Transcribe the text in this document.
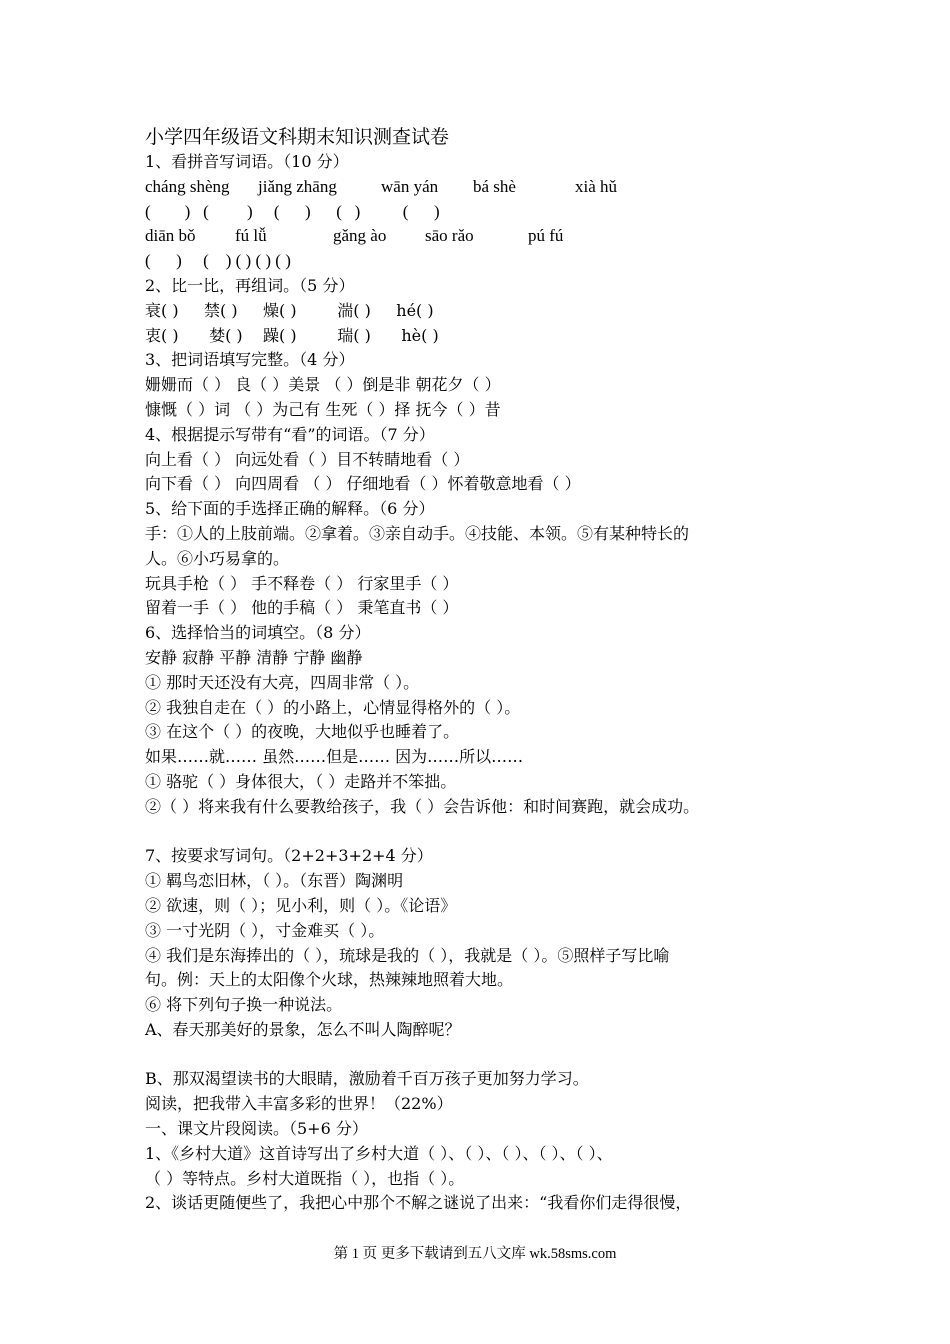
小学四年级语文科期末知识测查试卷
1、看拼音写词语。（10 分）
cháng shèng jiǎng zhāng	wān yán bá shè	xià hǔ
(        )   (         )     (      )      (   )          (      )
diān bǒ fú lǚ	gǎng ào sāo rǎo	pú fú
(      )     (    ) ( ) ( ) ( )
2、比一比，再组词。（5 分）
衰( )     禁( )     燥( )        湍( )     hé( )
衷( )      婪( )    躁( )        瑞( )      hè( )
3、把词语填写完整。（4 分）
姗姗而（ ） 良（ ）美景 （ ）倒是非 朝花夕（ ）
慷慨（ ）词 （ ）为己有 生死（ ）择 抚今（ ）昔
4、根据提示写带有“看”的词语。（7 分）
向上看（ ） 向远处看（ ）目不转睛地看（ ）
向下看（ ） 向四周看 （ ） 仔细地看（ ）怀着敬意地看（ ）
5、给下面的手选择正确的解释。（6 分）
手：①人的上肢前端。②拿着。③亲自动手。④技能、本领。⑤有某种特长的
人。⑥小巧易拿的。
玩具手枪（ ） 手不释卷（ ） 行家里手（ ）
留着一手（ ） 他的手稿（ ） 秉笔直书（ ）
6、选择恰当的词填空。（8 分）
安静 寂静 平静 清静 宁静 幽静
① 那时天还没有大亮，四周非常（ ）。
② 我独自走在（ ）的小路上，心情显得格外的（ ）。
③ 在这个（ ）的夜晚，大地似乎也睡着了。
如果……就…… 虽然……但是…… 因为……所以……
① 骆驼（ ）身体很大，（ ）走路并不笨拙。
②（ ）将来我有什么要教给孩子，我（ ）会告诉他：和时间赛跑，就会成功。
7、按要求写词句。（2+2+3+2+4 分）
① 羁鸟恋旧林，（ ）。（东晋）陶渊明
② 欲速，则（ ）；见小利，则（ ）。《论语》
③ 一寸光阴（ ），寸金难买（ ）。
④ 我们是东海捧出的（ ），琉球是我的（ ），我就是（ ）。⑤照样子写比喻
句。例：天上的太阳像个火球，热辣辣地照着大地。
⑥ 将下列句子换一种说法。
A、春天那美好的景象，怎么不叫人陶醉呢？
B、那双渴望读书的大眼睛，激励着千百万孩子更加努力学习。
阅读，把我带入丰富多彩的世界！（22%）
一、课文片段阅读。（5+6 分）
1、《乡村大道》这首诗写出了乡村大道（ ）、（ ）、（ ）、（ ）、（ ）、
（ ）等特点。乡村大道既指（ ），也指（ ）。
2、谈话更随便些了，我把心中那个不解之谜说了出来：“我看你们走得很慢，
第 1 页 更多下载请到五八文库 wk.58sms.com
